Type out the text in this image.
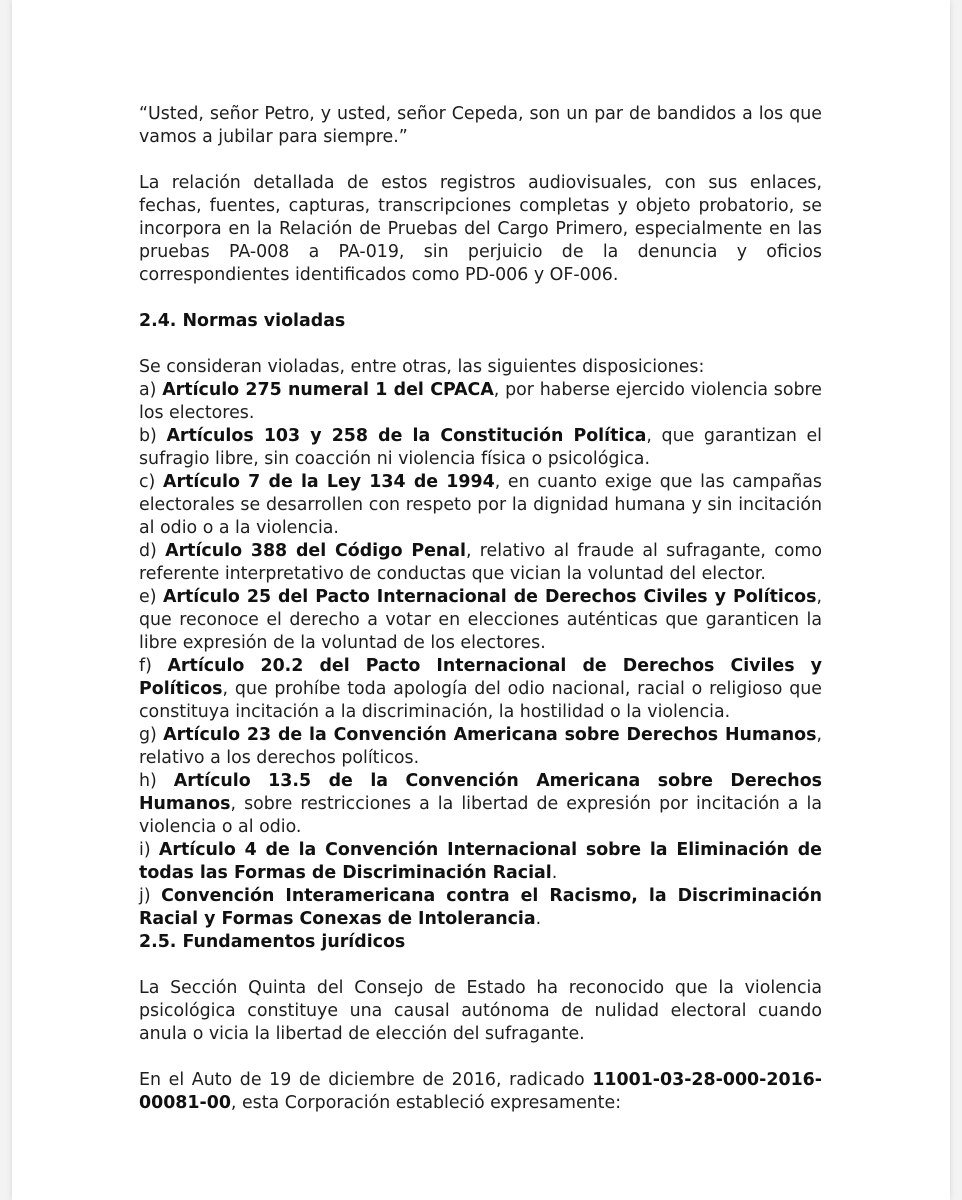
“Usted, señor Petro, y usted, señor Cepeda, son un par de bandidos a los que vamos a jubilar para siempre.”

La relación detallada de estos registros audiovisuales, con sus enlaces, fechas, fuentes, capturas, transcripciones completas y objeto probatorio, se incorpora en la Relación de Pruebas del Cargo Primero, especialmente en las pruebas PA-008 a PA-019, sin perjuicio de la denuncia y oficios correspondientes identificados como PD-006 y OF-006.

2.4. Normas violadas

Se consideran violadas, entre otras, las siguientes disposiciones:

a) Artículo 275 numeral 1 del CPACA, por haberse ejercido violencia sobre los electores.

b) Artículos 103 y 258 de la Constitución Política, que garantizan el sufragio libre, sin coacción ni violencia física o psicológica.

c) Artículo 7 de la Ley 134 de 1994, en cuanto exige que las campañas electorales se desarrollen con respeto por la dignidad humana y sin incitación al odio o a la violencia.

d) Artículo 388 del Código Penal, relativo al fraude al sufragante, como referente interpretativo de conductas que vician la voluntad del elector.

e) Artículo 25 del Pacto Internacional de Derechos Civiles y Políticos, que reconoce el derecho a votar en elecciones auténticas que garanticen la libre expresión de la voluntad de los electores.

f) Artículo 20.2 del Pacto Internacional de Derechos Civiles y Políticos, que prohíbe toda apología del odio nacional, racial o religioso que constituya incitación a la discriminación, la hostilidad o la violencia.

g) Artículo 23 de la Convención Americana sobre Derechos Humanos, relativo a los derechos políticos.

h) Artículo 13.5 de la Convención Americana sobre Derechos Humanos, sobre restricciones a la libertad de expresión por incitación a la violencia o al odio.

i) Artículo 4 de la Convención Internacional sobre la Eliminación de todas las Formas de Discriminación Racial.

j) Convención Interamericana contra el Racismo, la Discriminación Racial y Formas Conexas de Intolerancia.

2.5. Fundamentos jurídicos

La Sección Quinta del Consejo de Estado ha reconocido que la violencia psicológica constituye una causal autónoma de nulidad electoral cuando anula o vicia la libertad de elección del sufragante.

En el Auto de 19 de diciembre de 2016, radicado 11001-03-28-000-2016-00081-00, esta Corporación estableció expresamente:
